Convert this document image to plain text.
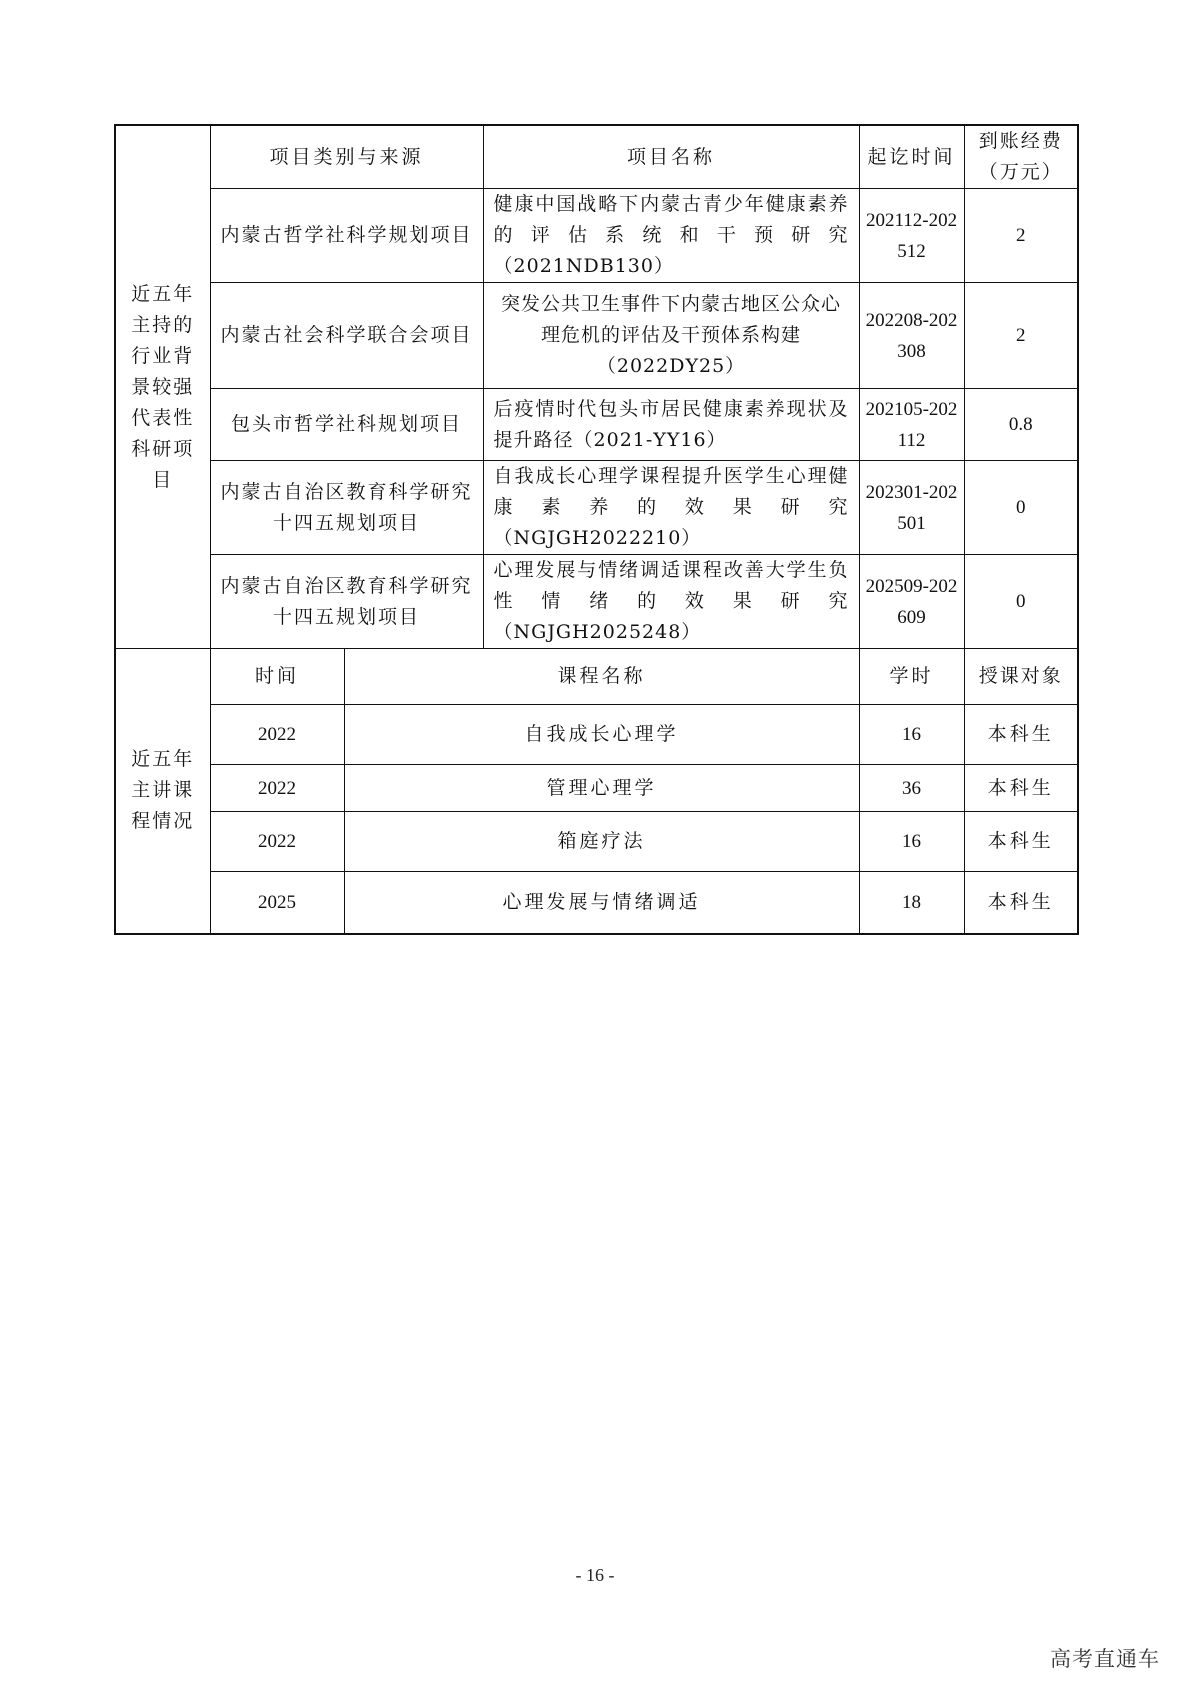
近五年主持的行业背景较强代表性科研项目	项目类别与来源		项目名称	起讫时间	到账经费（万元）
	内蒙古哲学社科学规划项目		健康中国战略下内蒙古青少年健康素养的评估系统和干预研究（2021NDB130）	202112-202512	2
	内蒙古社会科学联合会项目		突发公共卫生事件下内蒙古地区公众心理危机的评估及干预体系构建（2022DY25）	202208-202308	2
	包头市哲学社科规划项目		后疫情时代包头市居民健康素养现状及提升路径（2021-YY16）	202105-202112	0.8
	内蒙古自治区教育科学研究十四五规划项目		自我成长心理学课程提升医学生心理健康素养的效果研究（NGJGH2022210）	202301-202501	0
	内蒙古自治区教育科学研究十四五规划项目		心理发展与情绪调适课程改善大学生负性情绪的效果研究（NGJGH2025248）	202509-202609	0
近五年主讲课程情况	时间	课程名称		学时	授课对象
	2022	自我成长心理学		16	本科生
	2022	管理心理学		36	本科生
	2022	箱庭疗法		16	本科生
	2025	心理发展与情绪调适		18	本科生
- 16 -
高考直通车
